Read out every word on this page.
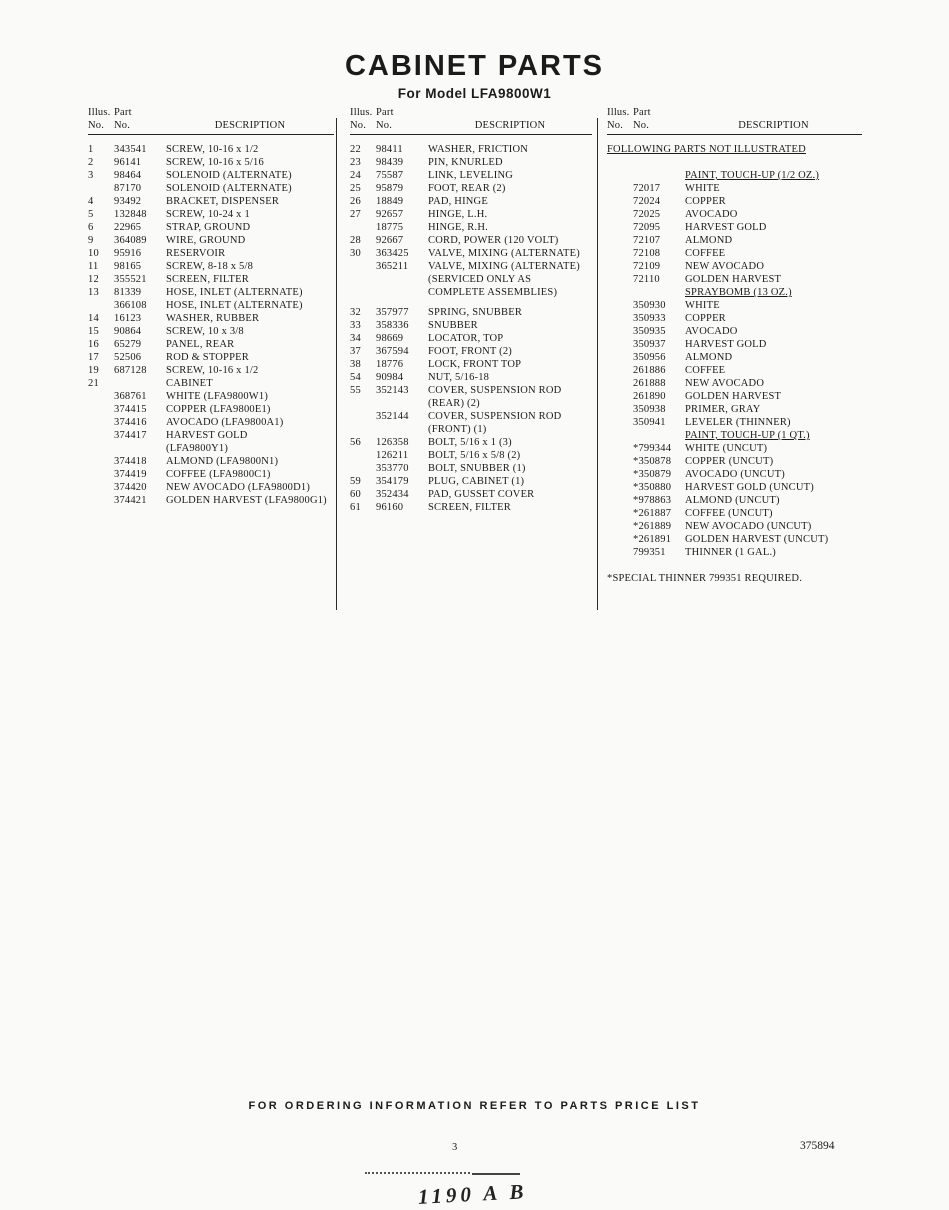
CABINET PARTS
For Model LFA9800W1
Illus. Part
No. No.	DESCRIPTION
1	343541	SCREW, 10-16 x 1/2
2	96141	SCREW, 10-16 x 5/16
3	98464	SOLENOID (ALTERNATE)
87170	SOLENOID (ALTERNATE)
4	93492	BRACKET, DISPENSER
5	132848	SCREW, 10-24 x 1
6	22965	STRAP, GROUND
9	364089	WIRE, GROUND
10	95916	RESERVOIR
11	98165	SCREW, 8-18 x 5/8
12	355521	SCREEN, FILTER
13	81339	HOSE, INLET (ALTERNATE)
366108	HOSE, INLET (ALTERNATE)
14	16123	WASHER, RUBBER
15	90864	SCREW, 10 x 3/8
16	65279	PANEL, REAR
17	52506	ROD & STOPPER
19	687128	SCREW, 10-16 x 1/2
21	CABINET
368761	WHITE (LFA9800W1)
374415	COPPER (LFA9800E1)
374416	AVOCADO (LFA9800A1)
374417	HARVEST GOLD
(LFA9800Y1)
374418	ALMOND (LFA9800N1)
374419	COFFEE (LFA9800C1)
374420	NEW AVOCADO (LFA9800D1)
374421	GOLDEN HARVEST (LFA9800G1)
Illus. Part
No. No.	DESCRIPTION
22	98411	WASHER, FRICTION
23	98439	PIN, KNURLED
24	75587	LINK, LEVELING
25	95879	FOOT, REAR (2)
26	18849	PAD, HINGE
27	92657	HINGE, L.H.
18775	HINGE, R.H.
28	92667	CORD, POWER (120 VOLT)
30	363425	VALVE, MIXING (ALTERNATE)
365211	VALVE, MIXING (ALTERNATE)
(SERVICED ONLY AS
COMPLETE ASSEMBLIES)
32	357977	SPRING, SNUBBER
33	358336	SNUBBER
34	98669	LOCATOR, TOP
37	367594	FOOT, FRONT (2)
38	18776	LOCK, FRONT TOP
54	90984	NUT, 5/16-18
55	352143	COVER, SUSPENSION ROD
(REAR) (2)
352144	COVER, SUSPENSION ROD
(FRONT) (1)
56	126358	BOLT, 5/16 x 1 (3)
126211	BOLT, 5/16 x 5/8 (2)
353770	BOLT, SNUBBER (1)
59	354179	PLUG, CABINET (1)
60	352434	PAD, GUSSET COVER
61	96160	SCREEN, FILTER
Illus. Part
No. No.	DESCRIPTION
FOLLOWING PARTS NOT ILLUSTRATED
PAINT, TOUCH-UP (1/2 OZ.)
72017	WHITE
72024	COPPER
72025	AVOCADO
72095	HARVEST GOLD
72107	ALMOND
72108	COFFEE
72109	NEW AVOCADO
72110	GOLDEN HARVEST
SPRAYBOMB (13 OZ.)
350930	WHITE
350933	COPPER
350935	AVOCADO
350937	HARVEST GOLD
350956	ALMOND
261886	COFFEE
261888	NEW AVOCADO
261890	GOLDEN HARVEST
350938	PRIMER, GRAY
350941	LEVELER (THINNER)
PAINT, TOUCH-UP (1 QT.)
*799344	WHITE (UNCUT)
*350878	COPPER (UNCUT)
*350879	AVOCADO (UNCUT)
*350880	HARVEST GOLD (UNCUT)
*978863	ALMOND (UNCUT)
*261887	COFFEE (UNCUT)
*261889	NEW AVOCADO (UNCUT)
*261891	GOLDEN HARVEST (UNCUT)
799351	THINNER (1 GAL.)
*SPECIAL THINNER 799351 REQUIRED.
FOR ORDERING INFORMATION REFER TO PARTS PRICE LIST
3	375894
1190 A B
